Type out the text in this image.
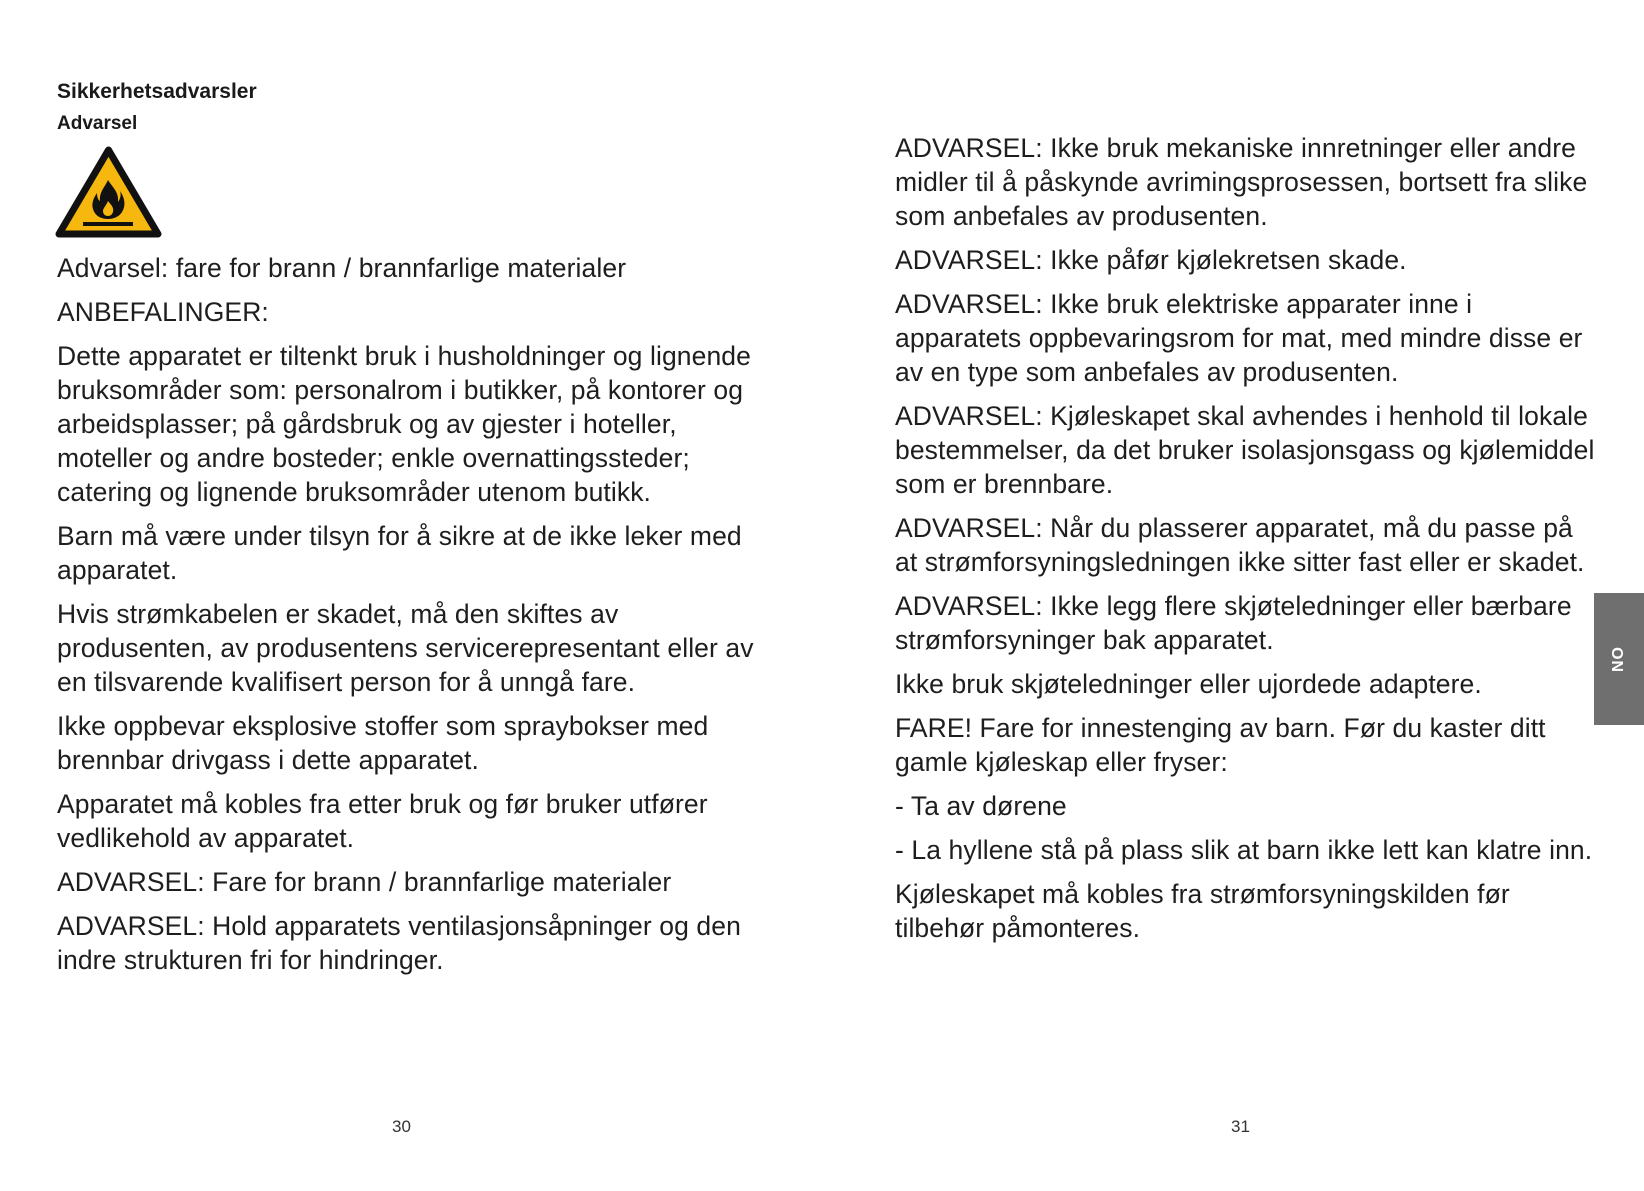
Sikkerhetsadvarsler
Advarsel

Advarsel: fare for brann / brannfarlige materialer

ANBEFALINGER:

Dette apparatet er tiltenkt bruk i husholdninger og lignende bruksområder som: personalrom i butikker, på kontorer og arbeidsplasser; på gårdsbruk og av gjester i hoteller, moteller og andre bosteder; enkle overnattingssteder; catering og lignende bruksområder utenom butikk.

Barn må være under tilsyn for å sikre at de ikke leker med apparatet.

Hvis strømkabelen er skadet, må den skiftes av produsenten, av produsentens servicerepresentant eller av en tilsvarende kvalifisert person for å unngå fare.

Ikke oppbevar eksplosive stoffer som spraybokser med brennbar drivgass i dette apparatet.

Apparatet må kobles fra etter bruk og før bruker utfører vedlikehold av apparatet.

ADVARSEL: Fare for brann / brannfarlige materialer

ADVARSEL: Hold apparatets ventilasjonsåpninger og den indre strukturen fri for hindringer.

ADVARSEL: Ikke bruk mekaniske innretninger eller andre midler til å påskynde avrimingsprosessen, bortsett fra slike som anbefales av produsenten.

ADVARSEL: Ikke påfør kjølekretsen skade.

ADVARSEL: Ikke bruk elektriske apparater inne i apparatets oppbevaringsrom for mat, med mindre disse er av en type som anbefales av produsenten.

ADVARSEL: Kjøleskapet skal avhendes i henhold til lokale bestemmelser, da det bruker isolasjonsgass og kjølemiddel som er brennbare.

ADVARSEL: Når du plasserer apparatet, må du passe på at strømforsyningsledningen ikke sitter fast eller er skadet.

ADVARSEL: Ikke legg flere skjøteledninger eller bærbare strømforsyninger bak apparatet.

Ikke bruk skjøteledninger eller ujordede adaptere.

FARE! Fare for innestenging av barn. Før du kaster ditt gamle kjøleskap eller fryser:

- Ta av dørene

- La hyllene stå på plass slik at barn ikke lett kan klatre inn.

Kjøleskapet må kobles fra strømforsyningskilden før tilbehør påmonteres.

30	31
NO
